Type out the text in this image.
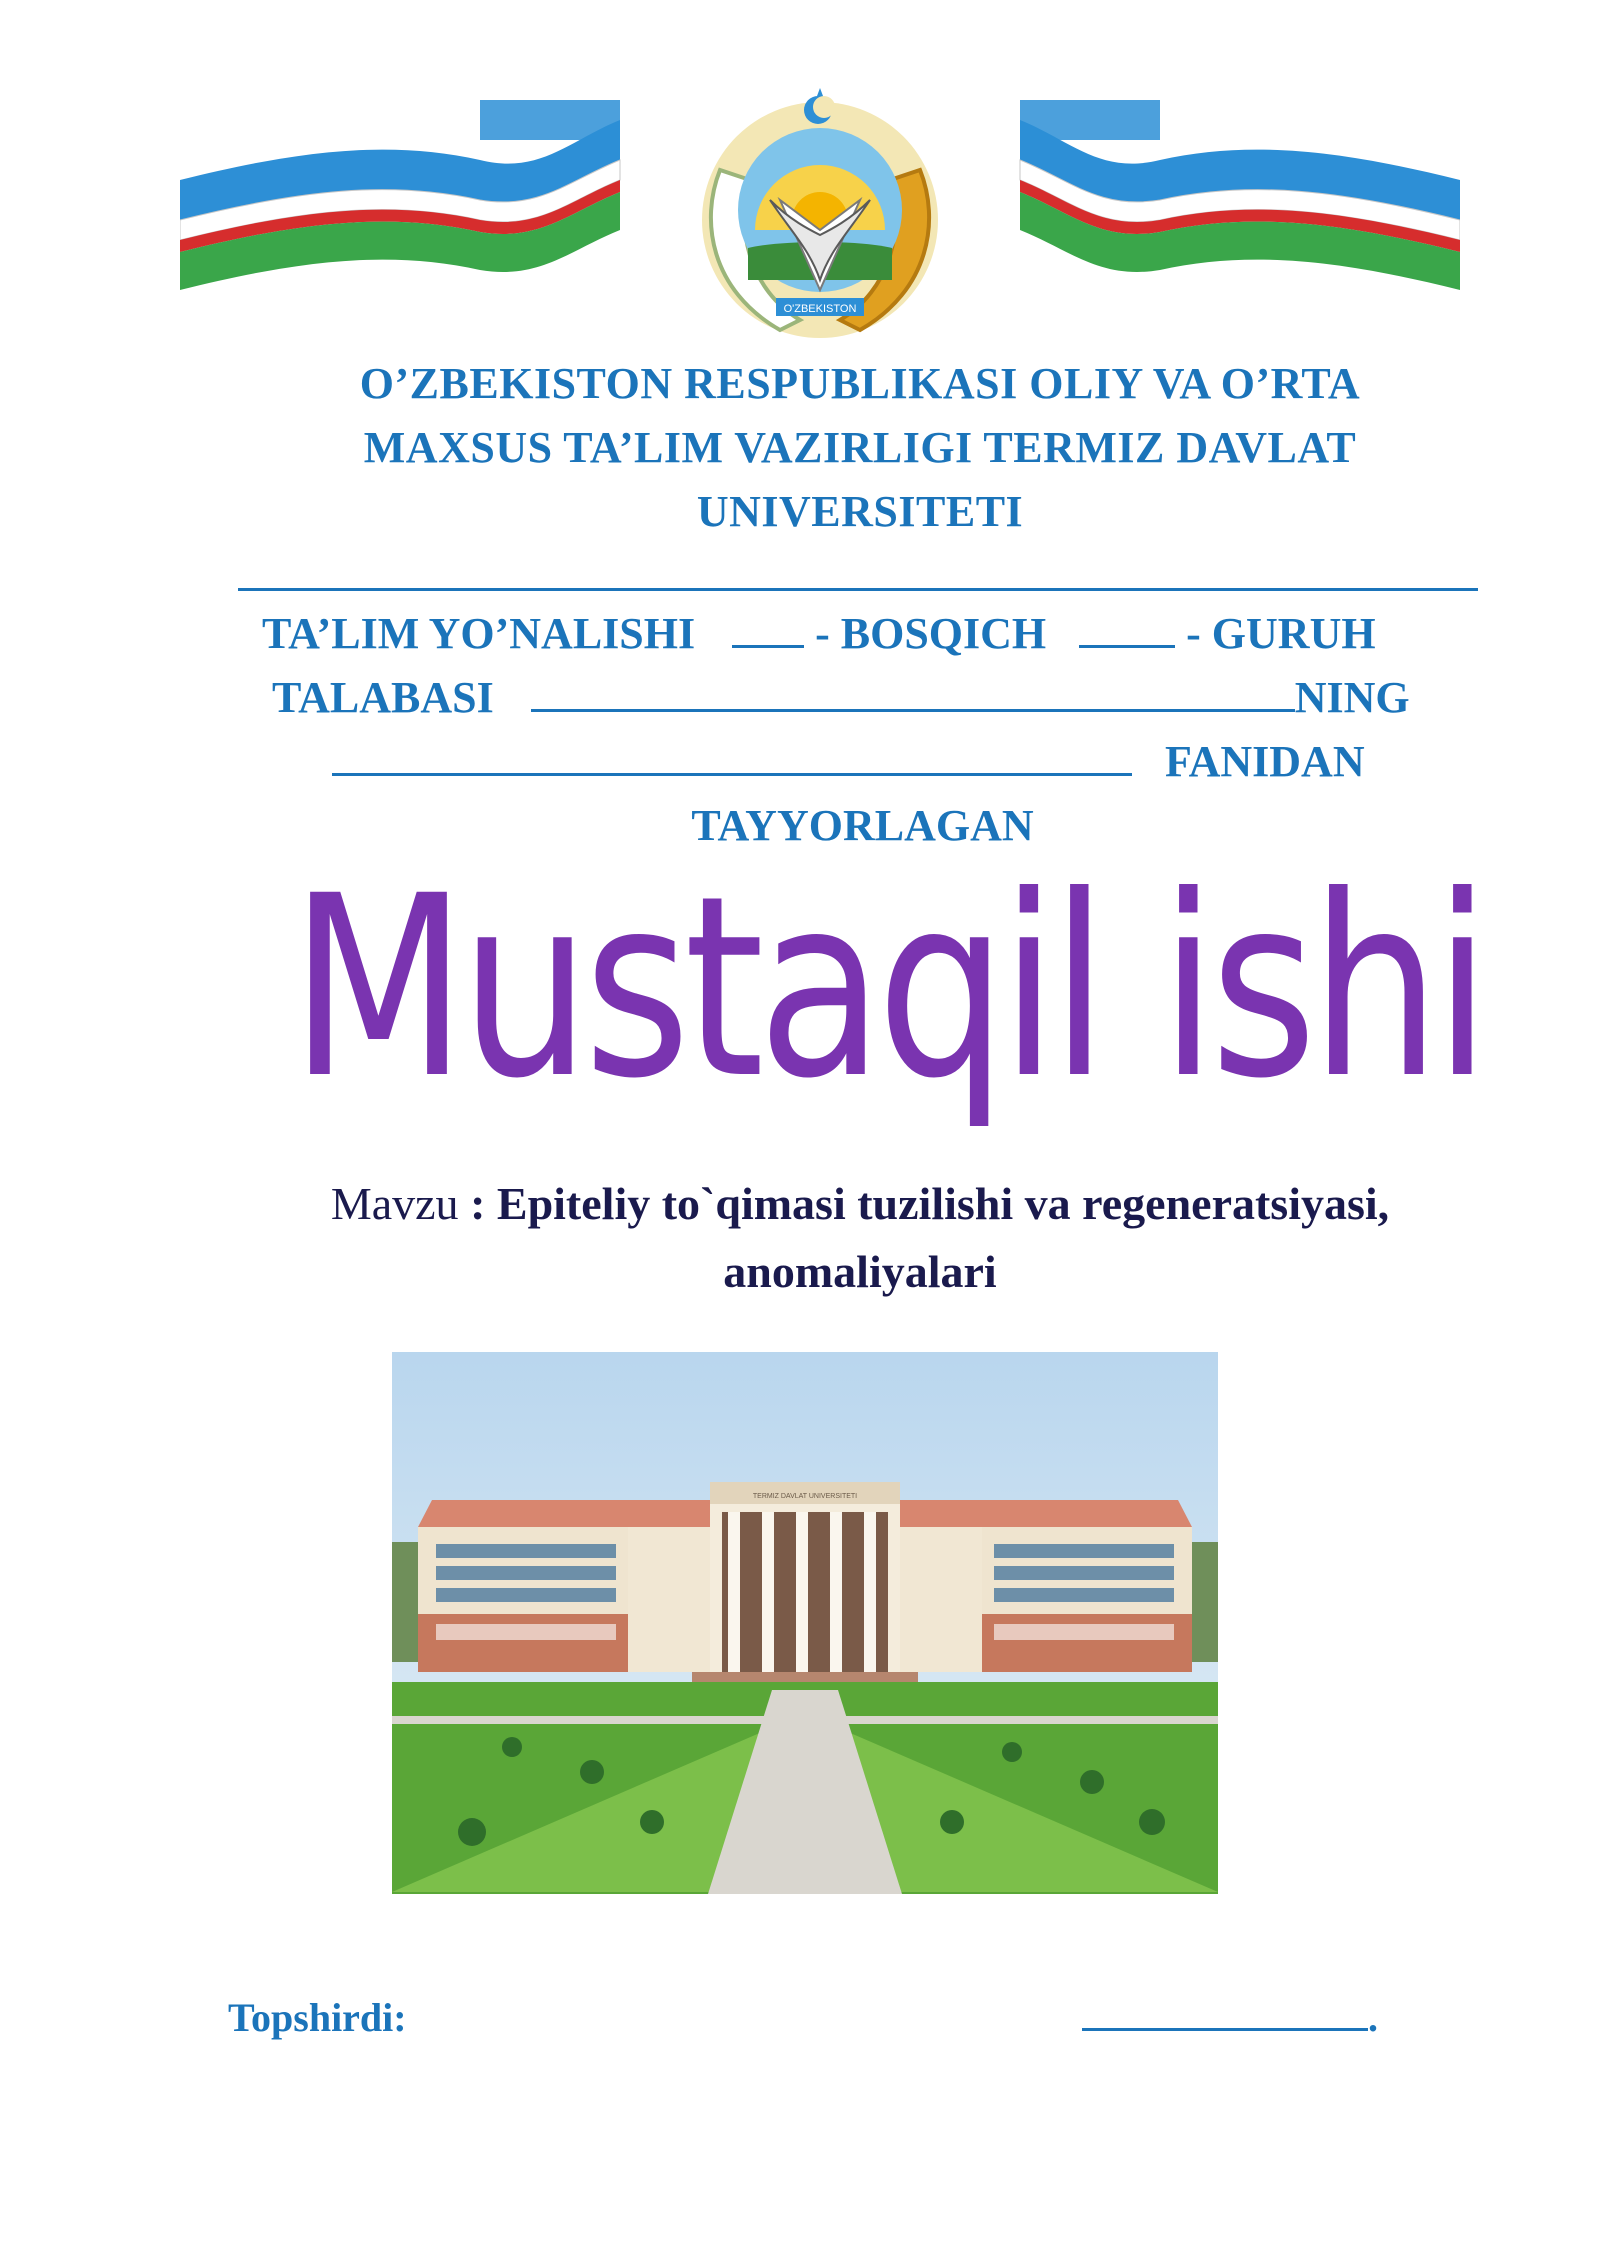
O'ZBEKISTON
O’ZBEKISTON RESPUBLIKASI OLIY VA O’RTA
MAXSUS TA’LIM VAZIRLIGI TERMIZ DAVLAT
UNIVERSITETI
TA’LIM YO’NALISHI	- BOSQICH	- GURUH
TALABASI	NING
FANIDAN
TAYYORLAGAN
Mustaqil ishi
Mavzu : Epiteliy to`qimasi tuzilishi va regeneratsiyasi,
anomaliyalari
TERMIZ DAVLAT UNIVERSITETI
Topshirdi:	.
